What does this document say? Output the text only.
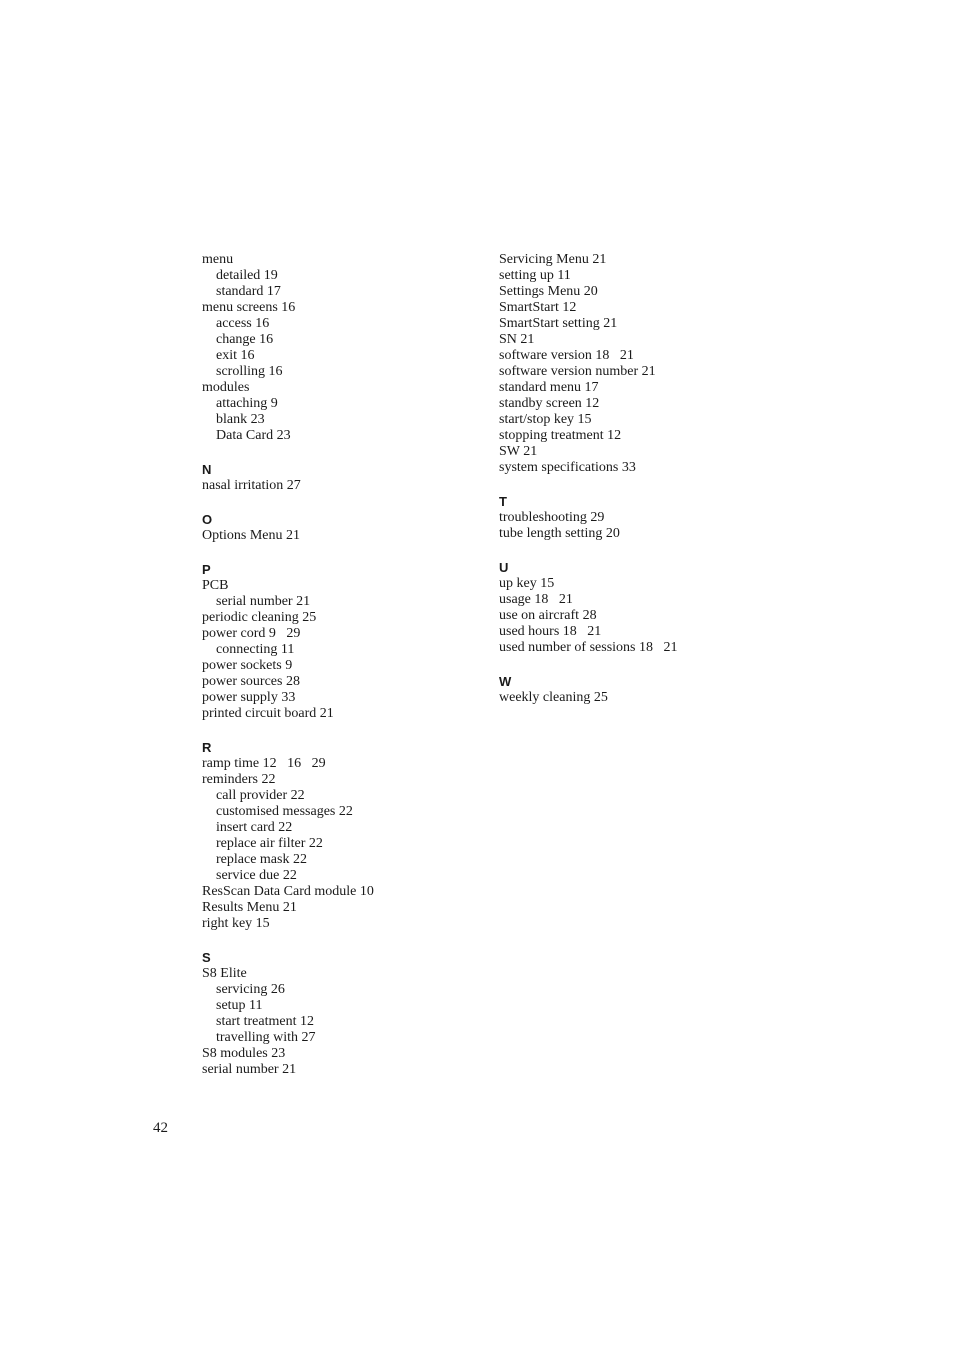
menu
detailed 19
standard 17
menu screens 16
access 16
change 16
exit 16
scrolling 16
modules
attaching 9
blank 23
Data Card 23
N
nasal irritation 27
O
Options Menu 21
P
PCB
serial number 21
periodic cleaning 25
power cord 9   29
connecting 11
power sockets 9
power sources 28
power supply 33
printed circuit board 21
R
ramp time 12   16   29
reminders 22
call provider 22
customised messages 22
insert card 22
replace air filter 22
replace mask 22
service due 22
ResScan Data Card module 10
Results Menu 21
right key 15
S
S8 Elite
servicing 26
setup 11
start treatment 12
travelling with 27
S8 modules 23
serial number 21
Servicing Menu 21
setting up 11
Settings Menu 20
SmartStart 12
SmartStart setting 21
SN 21
software version 18   21
software version number 21
standard menu 17
standby screen 12
start/stop key 15
stopping treatment 12
SW 21
system specifications 33
T
troubleshooting 29
tube length setting 20
U
up key 15
usage 18   21
use on aircraft 28
used hours 18   21
used number of sessions 18   21
W
weekly cleaning 25
42
